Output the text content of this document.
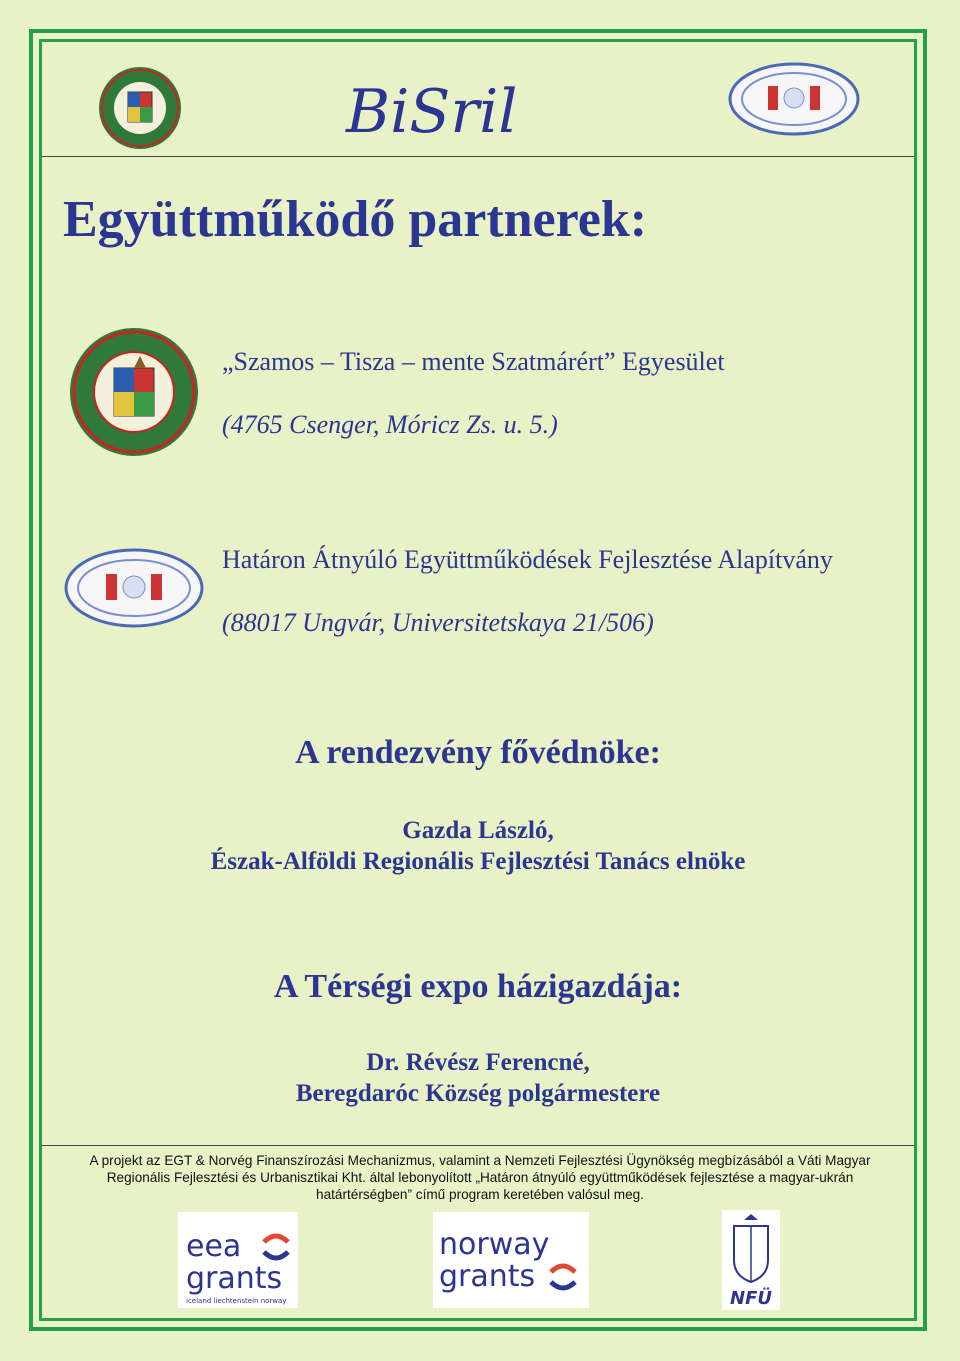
BiSril
Együttműködő partnerek:
„Szamos – Tisza – mente Szatmárért” Egyesület
(4765 Csenger, Móricz Zs. u. 5.)
Határon Átnyúló Együttműködések Fejlesztése Alapítvány
(88017 Ungvár, Universitetskaya 21/506)
A rendezvény fővédnöke:
Gazda László,
Észak-Alföldi Regionális Fejlesztési Tanács elnöke
A Térségi expo házigazdája:
Dr. Révész Ferencné,
Beregdaróc Község polgármestere
A projekt az EGT & Norvég Finanszírozási Mechanizmus, valamint a Nemzeti Fejlesztési Ügynökség megbízásából a Váti Magyar
Regionális Fejlesztési és Urbanisztikai Kht. által lebonyolított „Határon átnyúló együttműködések fejlesztése a magyar-ukrán
határtérségben” című program keretében valósul meg.
eea
grants
iceland liechtenstein norway
norway
grants
NFÜ
